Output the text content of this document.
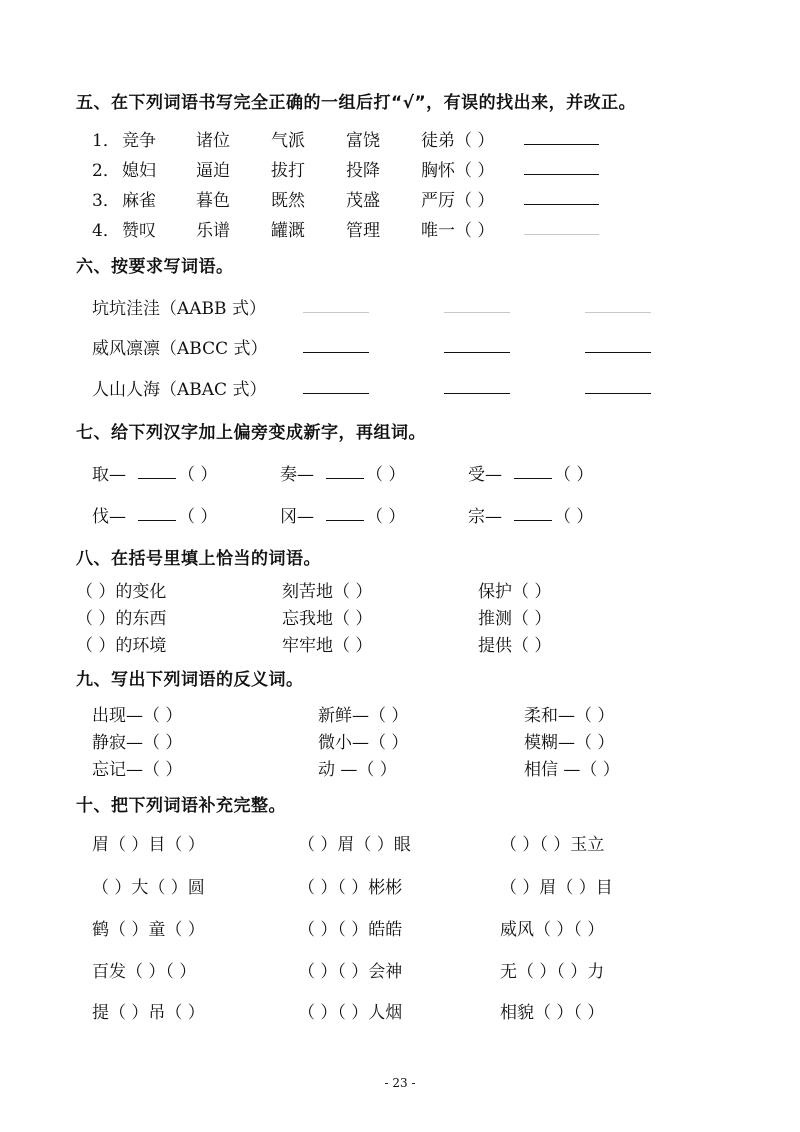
五、在下列词语书写完全正确的一组后打“√”，有误的找出来，并改正。
1． 竞争 诸位 气派 富饶 徒弟（ ）
2． 媳妇 逼迫 拔打 投降 胸怀（ ）
3． 麻雀 暮色 既然 茂盛 严厉（ ）
4． 赞叹 乐谱 罐溉 管理 唯一（ ）
六、按要求写词语。
坑坑洼洼（AABB 式）
威风凛凛（ABCC 式）
人山人海（ABAC 式）
七、给下列汉字加上偏旁变成新字，再组词。
取—	（ ）	奏—	（ ）	受—	（ ）
伐—	（ ）	冈—	（ ）	宗—	（ ）
八、在括号里填上恰当的词语。
（ ）的变化	刻苦地（ ）	保护（ ）
（ ）的东西	忘我地（ ）	推测（ ）
（ ）的环境	牢牢地（ ）	提供（ ）
九、写出下列词语的反义词。
出现—（ ）	新鲜—（ ）	柔和—（ ）
静寂—（ ）	微小—（ ）	模糊—（ ）
忘记—（ ）	动 —（ ）	相信 —（ ）
十、把下列词语补充完整。
眉（ ）目（ ）	（ ）眉（ ）眼	（ ）（ ）玉立
（ ）大（ ）圆	（ ）（ ）彬彬	（ ）眉（ ）目
鹤（ ）童（ ）	（ ）（ ）皓皓	威风（ ）（ ）
百发（ ）（ ）	（ ）（ ）会神	无（ ）（ ）力
提（ ）吊（ ）	（ ）（ ）人烟	相貌（ ）（ ）
- 23 -
